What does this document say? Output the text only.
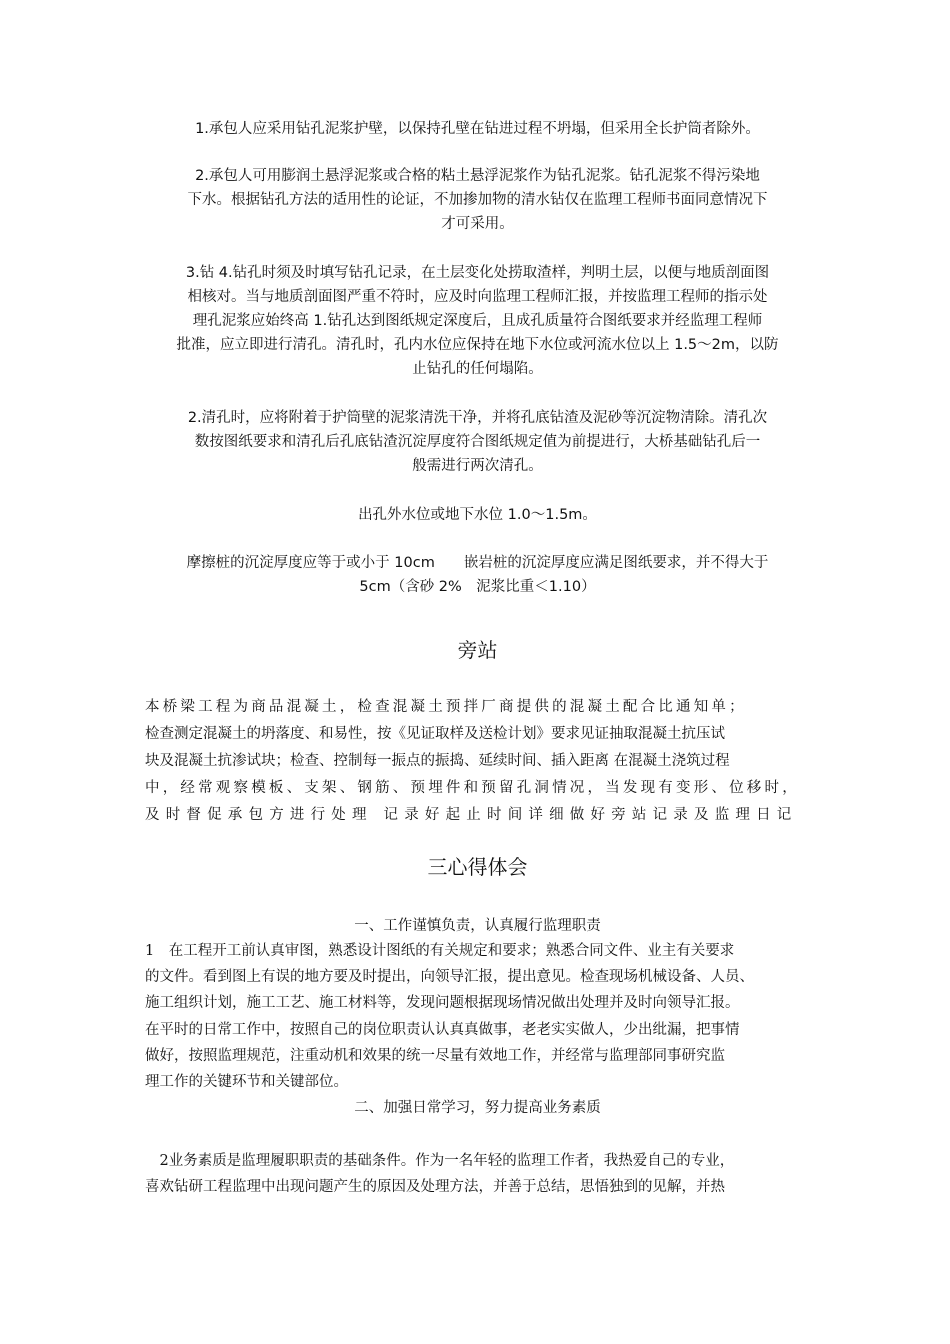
1.承包人应采用钻孔泥浆护壁，以保持孔壁在钻进过程不坍塌，但采用全长护筒者除外。
2.承包人可用膨润土悬浮泥浆或合格的粘土悬浮泥浆作为钻孔泥浆。钻孔泥浆不得污染地
下水。根据钻孔方法的适用性的论证，不加掺加物的清水钻仅在监理工程师书面同意情况下
才可采用。
3.钻 4.钻孔时须及时填写钻孔记录，在土层变化处捞取渣样，判明土层，以便与地质剖面图
相核对。当与地质剖面图严重不符时，应及时向监理工程师汇报，并按监理工程师的指示处
理孔泥浆应始终高 1.钻孔达到图纸规定深度后，且成孔质量符合图纸要求并经监理工程师
批准，应立即进行清孔。清孔时，孔内水位应保持在地下水位或河流水位以上 1.5～2m，以防
止钻孔的任何塌陷。
2.清孔时，应将附着于护筒壁的泥浆清洗干净，并将孔底钻渣及泥砂等沉淀物清除。清孔次
数按图纸要求和清孔后孔底钻渣沉淀厚度符合图纸规定值为前提进行，大桥基础钻孔后一
般需进行两次清孔。
出孔外水位或地下水位 1.0～1.5m。
摩擦桩的沉淀厚度应等于或小于 10cm　　嵌岩桩的沉淀厚度应满足图纸要求，并不得大于
5cm（含砂 2%　泥浆比重＜1.10）
旁站
本桥梁工程为商品混凝土，检查混凝土预拌厂商提供的混凝土配合比通知单；
检查测定混凝土的坍落度、和易性，按《见证取样及送检计划》要求见证抽取混凝土抗压试
块及混凝土抗渗试块；检查、控制每一振点的振捣、延续时间、插入距离 在混凝土浇筑过程
中，经常观察模板、支架、钢筋、预埋件和预留孔洞情况，当发现有变形、位移时，
及时督促承包方进行处理 记录好起止时间详细做好旁站记录及监理日记
三心得体会
一、工作谨慎负责，认真履行监理职责
1　在工程开工前认真审图，熟悉设计图纸的有关规定和要求；熟悉合同文件、业主有关要求
的文件。看到图上有误的地方要及时提出，向领导汇报，提出意见。检查现场机械设备、人员、
施工组织计划，施工工艺、施工材料等，发现问题根据现场情况做出处理并及时向领导汇报。
在平时的日常工作中，按照自己的岗位职责认认真真做事，老老实实做人，少出纰漏，把事情
做好，按照监理规范，注重动机和效果的统一尽量有效地工作，并经常与监理部同事研究监
理工作的关键环节和关键部位。
二、加强日常学习，努力提高业务素质
　2业务素质是监理履职职责的基础条件。作为一名年轻的监理工作者，我热爱自己的专业，
喜欢钻研工程监理中出现问题产生的原因及处理方法，并善于总结，思悟独到的见解，并热
